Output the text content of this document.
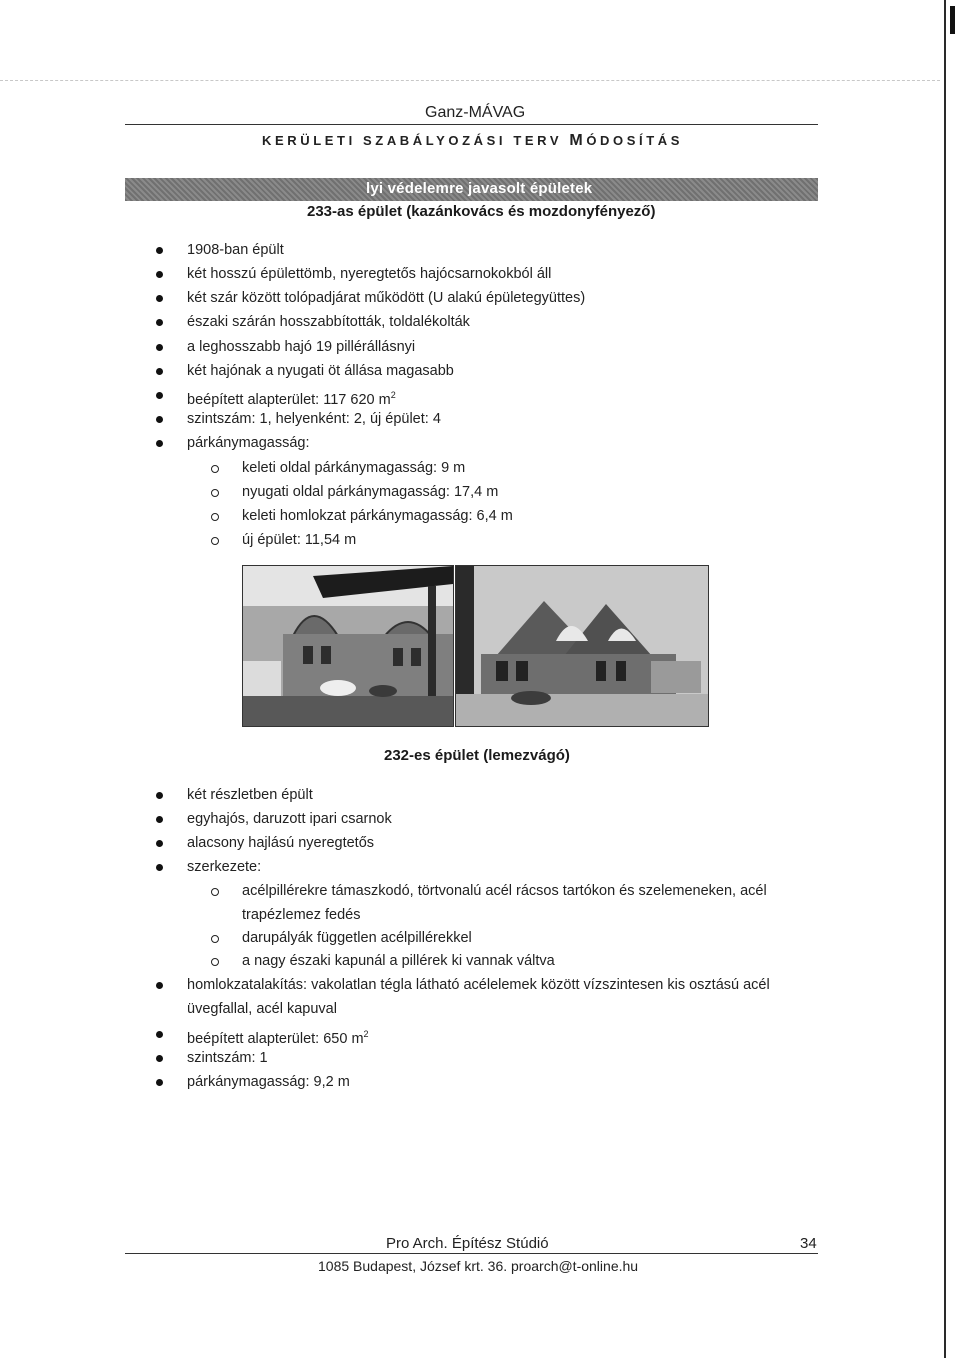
Ganz-MÁVAG
KERÜLETI SZABÁLYOZÁSI TERV MÓDOSÍTÁS
lyi védelemre javasolt épületek
233-as épület (kazánkovács és mozdonyfényező)
1908-ban épült
két hosszú épülettömb, nyeregtetős hajócsarnokokból áll
két szár között tolópadjárat működött (U alakú épületegyüttes)
északi szárán hosszabbították, toldalékolták
a leghosszabb hajó 19 pillérállásnyi
két hajónak a nyugati öt állása magasabb
beépített alapterület: 117 620 $m^2$
szintszám: 1, helyenként: 2, új épület: 4
párkánymagasság:
keleti oldal párkánymagasság: 9 m
nyugati oldal párkánymagasság: 17,4 m
keleti homlokzat párkánymagasság: 6,4 m
új épület: 11,54 m
232-es épület (lemezvágó)
két részletben épült
egyhajós, daruzott ipari csarnok
alacsony hajlású nyeregtetős
szerkezete:
acélpillérekre támaszkodó, törtvonalú acél rácsos tartókon és szelemeneken, acél
trapézlemez fedés
darupályák független acélpillérekkel
a nagy északi kapunál a pillérek ki vannak váltva
homlokzatalakítás: vakolatlan tégla látható acélelemek között vízszintesen kis osztású acél
üvegfallal, acél kapuval
beépített alapterület: 650 $m^2$
szintszám: 1
párkánymagasság: 9,2 m
Pro Arch. Építész Stúdió	34
1085 Budapest, József krt. 36. proarch@t-online.hu
